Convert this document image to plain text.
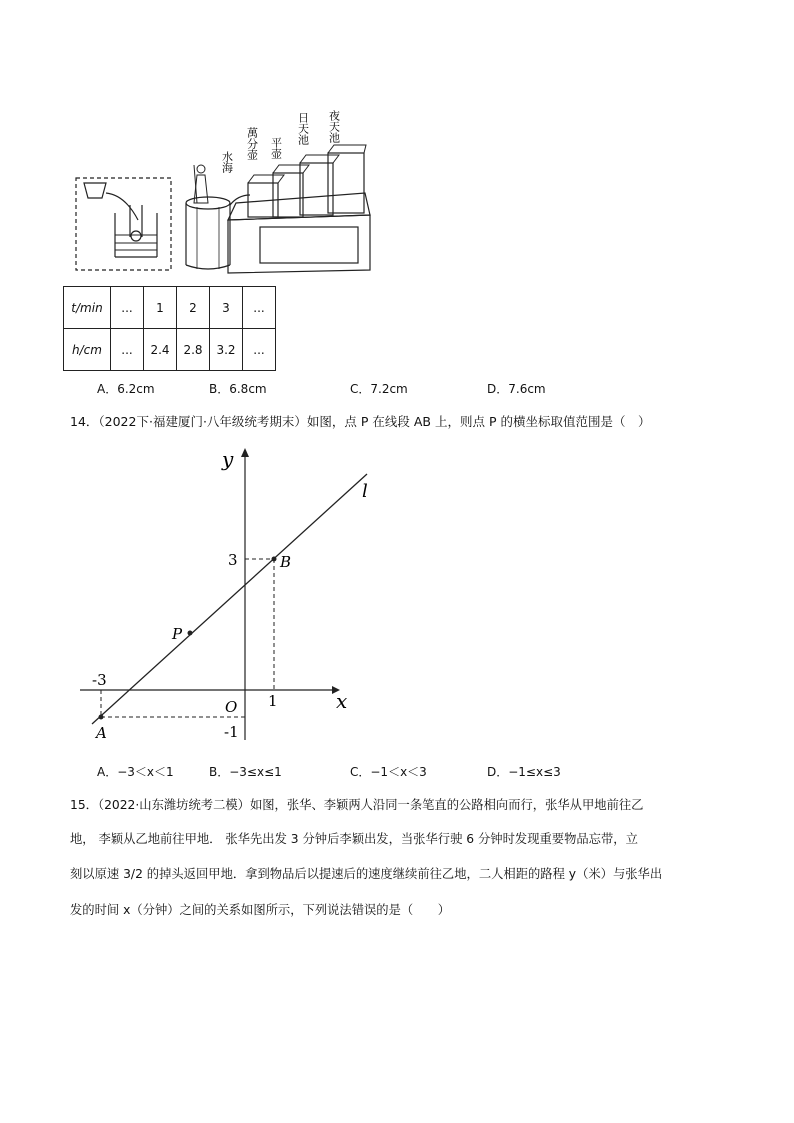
夜天池
日天池
平壶
萬分壶
水海
t/min	...	1	2	3	...
h/cm	...	2.4	2.8	3.2	...
A．6.2cm	B．6.8cm	C．7.2cm	D．7.6cm
14．（2022下·福建厦门·八年级统考期末）如图，点 P 在线段 AB 上，则点 P 的横坐标取值范围是（　）
y
x
l
3	B
P
-3
O 1
A	-1
A．−3＜x＜1	B．−3≤x≤1	C．−1＜x＜3	D．−1≤x≤3
15．（2022·山东潍坊统考二模）如图，张华、李颖两人沿同一条笔直的公路相向而行，张华从甲地前往乙
地， 李颖从乙地前往甲地． 张华先出发 3 分钟后李颖出发，当张华行驶 6 分钟时发现重要物品忘带，立
刻以原速 3/2 的掉头返回甲地．拿到物品后以提速后的速度继续前往乙地，二人相距的路程 y（米）与张华出
发的时间 x（分钟）之间的关系如图所示，下列说法错误的是（　　）
